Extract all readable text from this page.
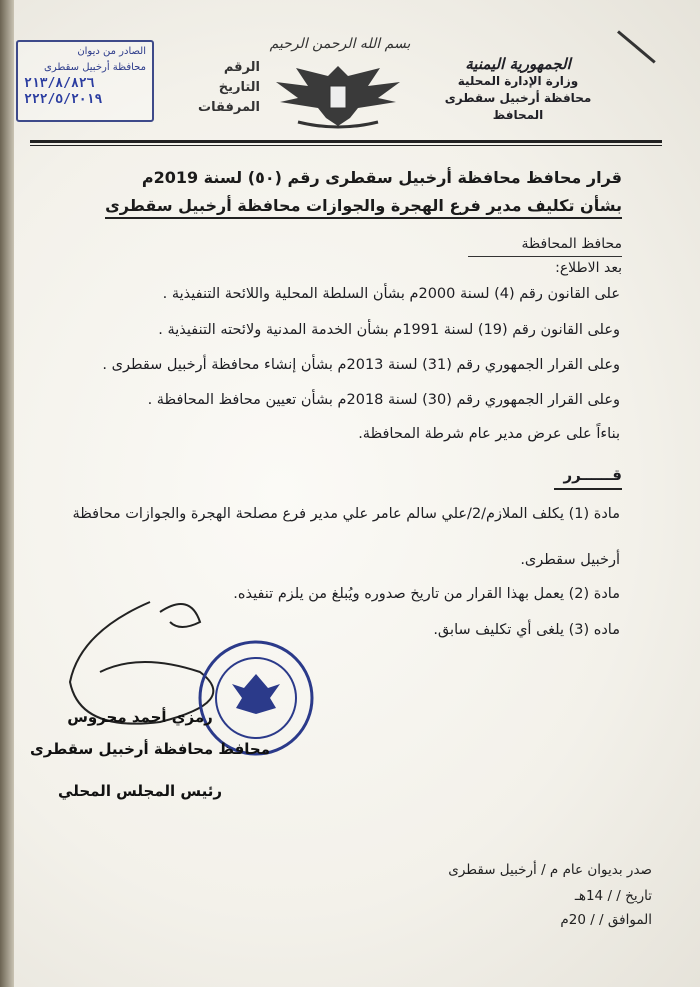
الجمهورية اليمنية
وزارة الإدارة المحلية
محافظة أرخبيل سقطرى
المحافظ
بسم الله الرحمن الرحيم
الرقم
التاريخ
المرفقات
الصادر من ديوان
محافظة أرخبيل سقطرى
٢١٣/٨/٨٢٦
٢٢٢/٥/٢٠١٩
قرار محافظ محافظة أرخبيل سقطرى رقم (٥٠) لسنة 2019م
بشأن تكليف مدير فرع الهجرة والجوازات محافظة أرخبيل سقطرى
محافظ المحافظة
بعد الاطلاع:
على القانون رقم (4) لسنة 2000م بشأن السلطة المحلية واللائحة التنفيذية .
وعلى القانون رقم (19) لسنة 1991م بشأن الخدمة المدنية ولائحته التنفيذية .
وعلى القرار الجمهوري رقم (31) لسنة 2013م بشأن إنشاء محافظة أرخبيل سقطرى .
وعلى القرار الجمهوري رقم (30) لسنة 2018م بشأن تعيين محافظ المحافظة .
بناءاً على عرض مدير عام شرطة المحافظة.
قــــــرر
مادة (1) يكلف الملازم/2/علي سالم عامر علي مدير فرع مصلحة الهجرة والجوازات محافظة
أرخبيل سقطرى.
مادة (2) يعمل بهذا القرار من تاريخ صدوره ويُبلغ من يلزم تنفيذه.
ماده (3) يلغى أي تكليف سابق.
رمزي أحمد محروس
محافظ محافظة أرخبيل سقطرى
رئيس المجلس المحلي
صدر بديوان عام م / أرخبيل سقطرى
تاريخ / / 14هـ
الموافق / / 20م
